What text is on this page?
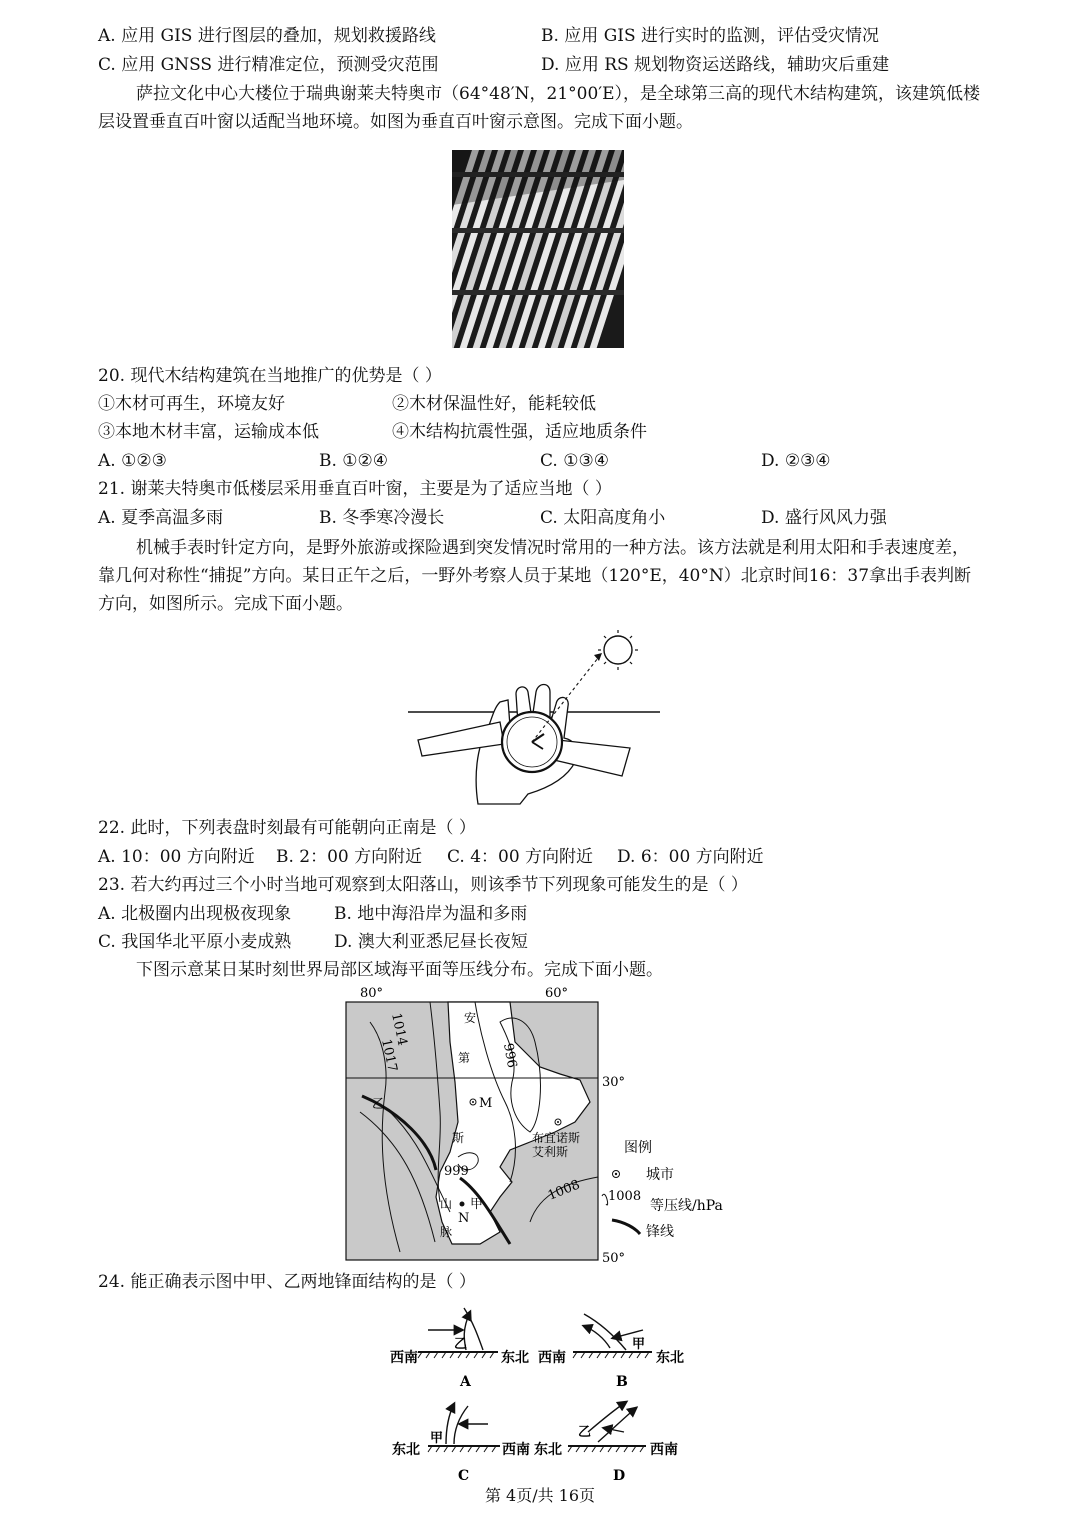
A. 应用 GIS 进行图层的叠加，规划救援路线	B. 应用 GIS 进行实时的监测，评估受灾情况
C. 应用 GNSS 进行精准定位，预测受灾范围	D. 应用 RS 规划物资运送路线，辅助灾后重建
萨拉文化中心大楼位于瑞典谢莱夫特奥市（64°48′N，21°00′E），是全球第三高的现代木结构建筑，该建筑低楼层设置垂直百叶窗以适配当地环境。如图为垂直百叶窗示意图。完成下面小题。
20. 现代木结构建筑在当地推广的优势是（ ）
①木材可再生，环境友好	②木材保温性好，能耗较低
③本地木材丰富，运输成本低	④木结构抗震性强，适应地质条件
A. ①②③	B. ①②④	C. ①③④	D. ②③④
21. 谢莱夫特奥市低楼层采用垂直百叶窗，主要是为了适应当地（ ）
A. 夏季高温多雨	B. 冬季寒冷漫长	C. 太阳高度角小	D. 盛行风风力强
机械手表时针定方向，是野外旅游或探险遇到突发情况时常用的一种方法。该方法就是利用太阳和手表速度差，靠几何对称性“捕捉”方向。某日正午之后，一野外考察人员于某地（120°E，40°N）北京时间16：37拿出手表判断方向，如图所示。完成下面小题。
22. 此时，下列表盘时刻最有可能朝向正南是（ ）
A. 10：00 方向附近 B. 2：00 方向附近 C. 4：00 方向附近 D. 6：00 方向附近
23. 若大约再过三个小时当地可观察到太阳落山，则该季节下列现象可能发生的是（ ）
A. 北极圈内出现极夜现象	B. 地中海沿岸为温和多雨
C. 我国华北平原小麦成熟	D. 澳大利亚悉尼昼长夜短
下图示意某日某时刻世界局部区域海平面等压线分布。完成下面小题。
80°	60°
30°
50°
1014
1017	996
999
1008
乙
甲
M
N
安
第
斯
山
脉
布宜诺斯
艾利斯	图例
城市
1008
等压线/hPa
锋线
24. 能正确表示图中甲、乙两地锋面结构的是（ ）
乙
西南	东北
A
甲
西南	东北
B
甲
东北	西南
C
乙
东北	西南
D
第 4页/共 16页
